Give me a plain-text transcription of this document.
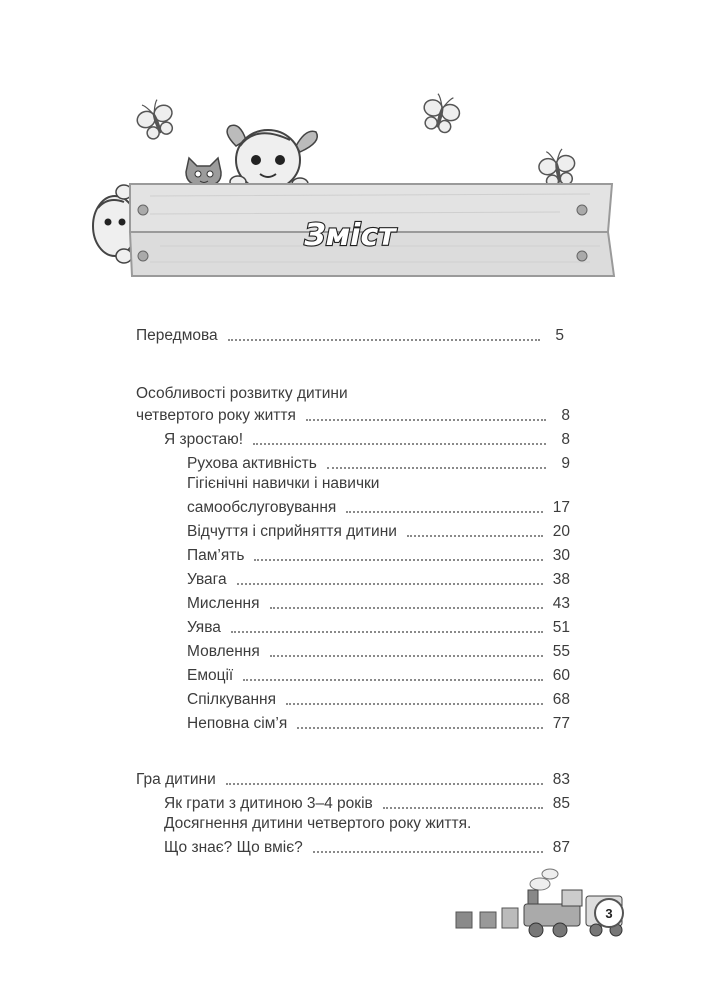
Зміст
Передмова	5
Особливості розвитку дитини
четвертого року життя	8
Я зростаю!	8
Рухова активність	9
Гігієнічні навички і навички
самообслуговування	17
Відчуття і сприйняття дитини	20
Пам’ять	30
Увага	38
Мислення	43
Уява	51
Мовлення	55
Емоції	60
Спілкування	68
Неповна сім’я	77
Гра дитини	83
Як грати з дитиною 3–4 років	85
Досягнення дитини четвертого року життя.
Що знає? Що вміє?	87
3
